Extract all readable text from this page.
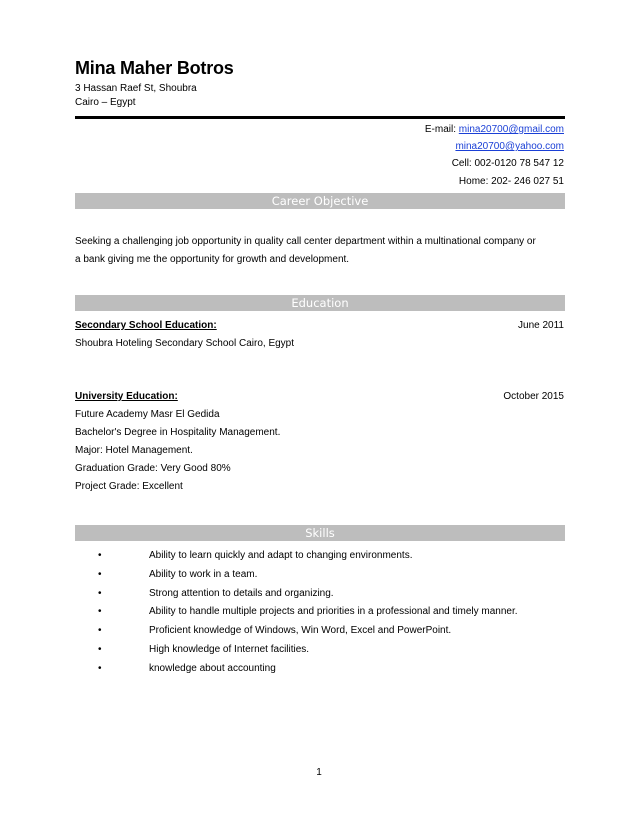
Mina Maher Botros
3 Hassan Raef St, Shoubra
Cairo – Egypt
E-mail: mina20700@gmail.com
mina20700@yahoo.com
Cell: 002-0120 78 547 12
Home: 202- 246 027 51
Career Objective
Seeking a challenging job opportunity in quality call center department within a multinational company or
a bank giving me the opportunity for growth and development.
Education
Secondary School Education:	June 2011
Shoubra Hoteling Secondary School Cairo, Egypt
University Education:	October 2015
Future Academy Masr El Gedida
Bachelor's Degree in Hospitality Management.
Major: Hotel Management.
Graduation Grade: Very Good 80%
Project Grade: Excellent
Skills
•	Ability to learn quickly and adapt to changing environments.
•	Ability to work in a team.
•	Strong attention to details and organizing.
•	Ability to handle multiple projects and priorities in a professional and timely manner.
•	Proficient knowledge of Windows, Win Word, Excel and PowerPoint.
•	High knowledge of Internet facilities.
•	knowledge about accounting
1
